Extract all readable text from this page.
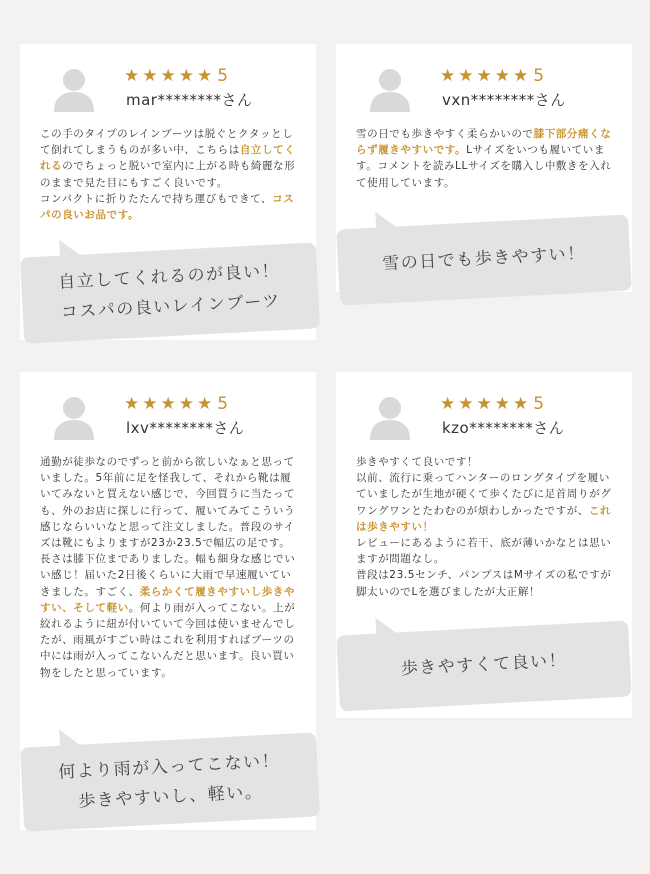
★★★★★ 5
mar********さん
この手のタイプのレインブーツは脱ぐとクタッとして倒れてしまうものが多い中、こちらは自立してくれるのでちょっと脱いで室内に上がる時も綺麗な形のままで見た目にもすごく良いです。
コンパクトに折りたたんで持ち運びもできて、コスパの良いお品です。
自立してくれるのが良い！
コスパの良いレインブーツ
★★★★★ 5
vxn********さん
雪の日でも歩きやすく柔らかいので膝下部分痛くならず履きやすいです。Lサイズをいつも履いています。コメントを読みLLサイズを購入し中敷きを入れて使用しています。
雪の日でも歩きやすい！
★★★★★ 5
lxv********さん
通勤が徒歩なのでずっと前から欲しいなぁと思っていました。5年前に足を怪我して、それから靴は履いてみないと買えない感じで、今回買うに当たっても、外のお店に探しに行って、履いてみてこういう感じならいいなと思って注文しました。普段のサイズは靴にもよりますが23か23.5で幅広の足です。長さは膝下位までありました。幅も細身な感じでいい感じ！届いた2日後くらいに大雨で早速履いていきました。すごく、柔らかくて履きやすいし歩きやすい、そして軽い。何より雨が入ってこない。上が絞れるように紐が付いていて今回は使いませんでしたが、雨風がすごい時はこれを利用すればブーツの中には雨が入ってこないんだと思います。良い買い物をしたと思っています。
何より雨が入ってこない！
歩きやすいし、軽い。
★★★★★ 5
kzo********さん
歩きやすくて良いです！
以前、流行に乗ってハンターのロングタイプを履いていましたが生地が硬くて歩くたびに足首周りがグワングワンとたわむのが煩わしかったですが、これは歩きやすい！
レビューにあるように若干、底が薄いかなとは思いますが問題なし。
普段は23.5センチ、パンプスはMサイズの私ですが脚太いのでLを選びましたが大正解！
歩きやすくて良い！
